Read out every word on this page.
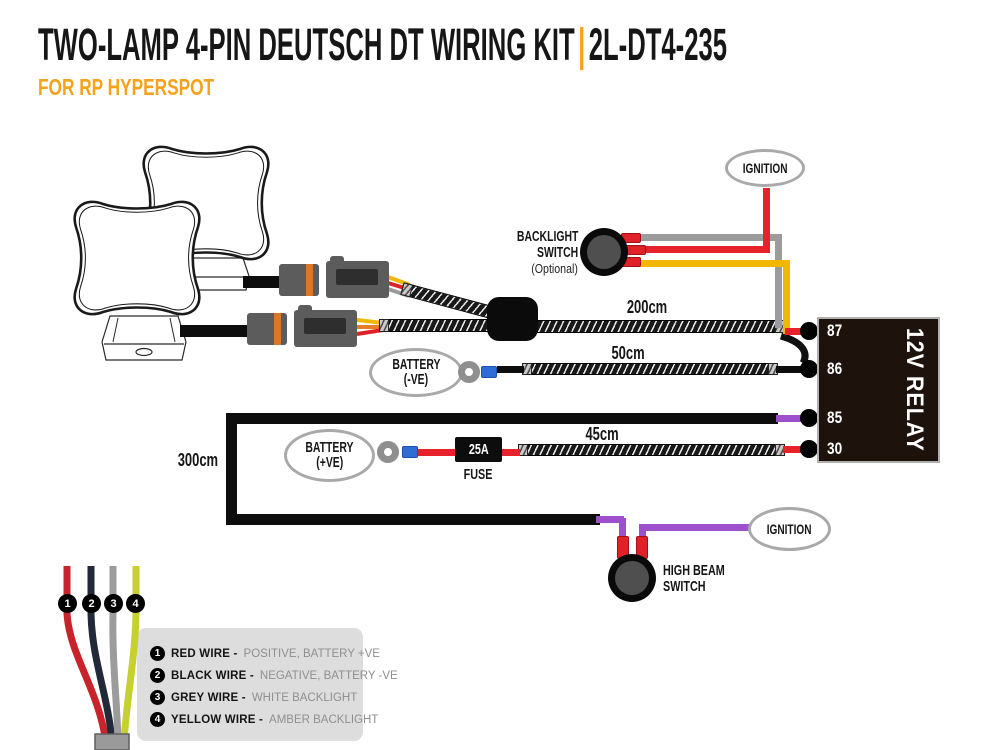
TWO-LAMP 4-PIN DEUTSCH DT WIRING KIT|2L-DT4-235
FOR RP HYPERSPOT
1 RED WIRE - POSITIVE, BATTERY +VE
2 BLACK WIRE - NEGATIVE, BATTERY -VE
3 GREY WIRE - WHITE BACKLIGHT
4 YELLOW WIRE - AMBER BACKLIGHT
IGNITION
BACKLIGHT
SWITCH
(Optional)
BATTERY
(-VE)
BATTERY
(+VE)
25A
FUSE
87
86
85
30 12V RELAY
200cm
50cm
45cm
300cm
IGNITION
HIGH BEAM
SWITCH
1	2	3	4
